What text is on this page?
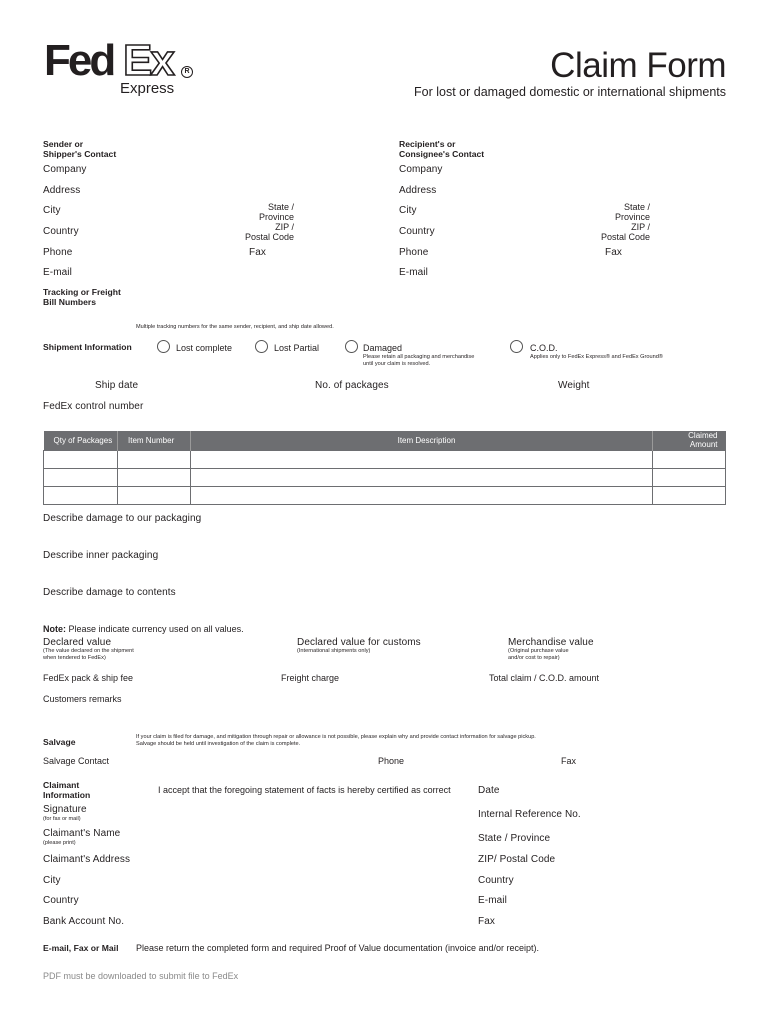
Fed Ex	R
Express
Claim Form
For lost or damaged domestic or international shipments
Sender or
Shipper's Contact
Company
Address
City	State /
Province
Country	ZIP /
Postal Code
Phone	Fax
E-mail
Recipient's or
Consignee's Contact
Company
Address
City	State /
Province
Country	ZIP /
Postal Code
Phone	Fax
E-mail
Tracking or Freight
Bill Numbers
Multiple tracking numbers for the same sender, recipient, and ship date allowed.
Shipment Information	Lost complete	Lost Partial	Damaged
Please retain all packaging and merchandise
until your claim is resolved.
C.O.D.
Applies only to FedEx Express® and FedEx Ground®
Ship date	No. of packages	Weight
FedEx control number
Qty of Packages	Item Number	Item Description	Claimed Amount

Describe damage to our packaging
Describe inner packaging
Describe damage to contents
Note: Please indicate currency used on all values.
Declared value
(The value declared on the shipment
when tendered to FedEx)
Declared value for customs
(International shipments only)
Merchandise value
(Original purchase value
and/or cost to repair)
FedEx pack & ship fee	Freight charge	Total claim / C.O.D. amount
Customers remarks
Salvage	If your claim is filed for damage, and mitigation through repair or allowance is not possible, please explain why and provide contact information for salvage pickup.
Salvage should be held until investigation of the claim is complete.
Salvage Contact	Phone	Fax
Claimant
Information	I accept that the foregoing statement of facts is hereby certified as correct	Date
Signature
(for fax or mail)	Internal Reference No.
Claimant's Name
(please print)	State / Province
Claimant's Address	ZIP/ Postal Code
City	Country
Country	E-mail
Bank Account No.	Fax
E-mail, Fax or Mail Please return the completed form and required Proof of Value documentation (invoice and/or receipt).
PDF must be downloaded to submit file to FedEx
